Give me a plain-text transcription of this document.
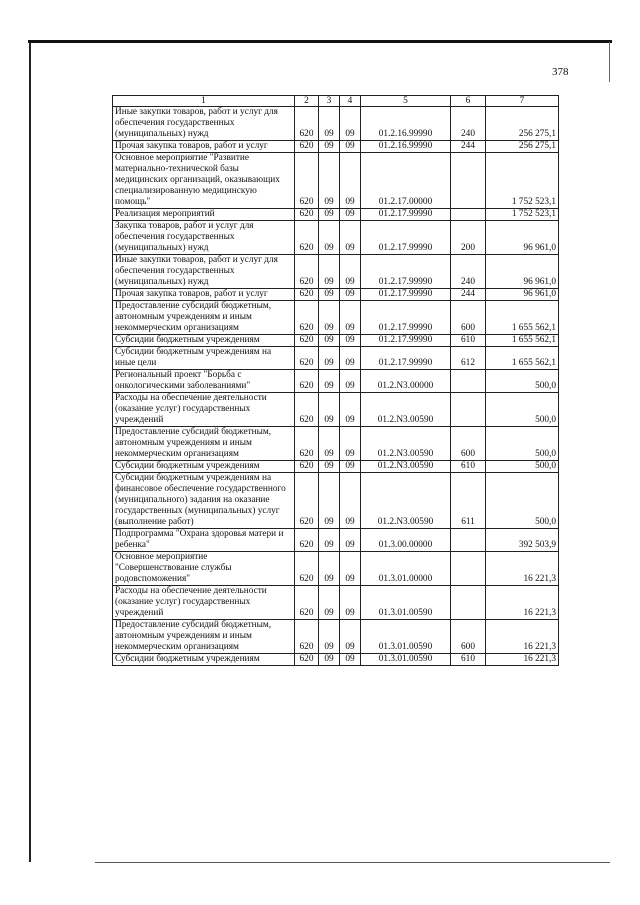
378
1	2	3	4	5	6	7
Иные закупки товаров, работ и услуг для обеспечения государственных (муниципальных) нужд	620	09	09	01.2.16.99990	240	256 275,1
Прочая закупка товаров, работ и услуг	620	09	09	01.2.16.99990	244	256 275,1
Основное мероприятие "Развитие материально-технической базы медицинских организаций, оказывающих специализированную медицинскую помощь"	620	09	09	01.2.17.00000		1 752 523,1
Реализация мероприятий	620	09	09	01.2.17.99990		1 752 523,1
Закупка товаров, работ и услуг для обеспечения государственных (муниципальных) нужд	620	09	09	01.2.17.99990	200	96 961,0
Иные закупки товаров, работ и услуг для обеспечения государственных (муниципальных) нужд	620	09	09	01.2.17.99990	240	96 961,0
Прочая закупка товаров, работ и услуг	620	09	09	01.2.17.99990	244	96 961,0
Предоставление субсидий бюджетным, автономным учреждениям и иным некоммерческим организациям	620	09	09	01.2.17.99990	600	1 655 562,1
Субсидии бюджетным учреждениям	620	09	09	01.2.17.99990	610	1 655 562,1
Субсидии бюджетным учреждениям на иные цели	620	09	09	01.2.17.99990	612	1 655 562,1
Региональный проект "Борьба с онкологическими заболеваниями"	620	09	09	01.2.N3.00000		500,0
Расходы на обеспечение деятельности (оказание услуг) государственных учреждений	620	09	09	01.2.N3.00590		500,0
Предоставление субсидий бюджетным, автономным учреждениям и иным некоммерческим организациям	620	09	09	01.2.N3.00590	600	500,0
Субсидии бюджетным учреждениям	620	09	09	01.2.N3.00590	610	500,0
Субсидии бюджетным учреждениям на финансовое обеспечение государственного (муниципального) задания на оказание государственных (муниципальных) услуг (выполнение работ)	620	09	09	01.2.N3.00590	611	500,0
Подпрограмма "Охрана здоровья матери и ребенка"	620	09	09	01.3.00.00000		392 503,9
Основное мероприятие "Совершенствование службы родовспоможения"	620	09	09	01.3.01.00000		16 221,3
Расходы на обеспечение деятельности (оказание услуг) государственных учреждений	620	09	09	01.3.01.00590		16 221,3
Предоставление субсидий бюджетным, автономным учреждениям и иным некоммерческим организациям	620	09	09	01.3.01.00590	600	16 221,3
Субсидии бюджетным учреждениям	620	09	09	01.3.01.00590	610	16 221,3
